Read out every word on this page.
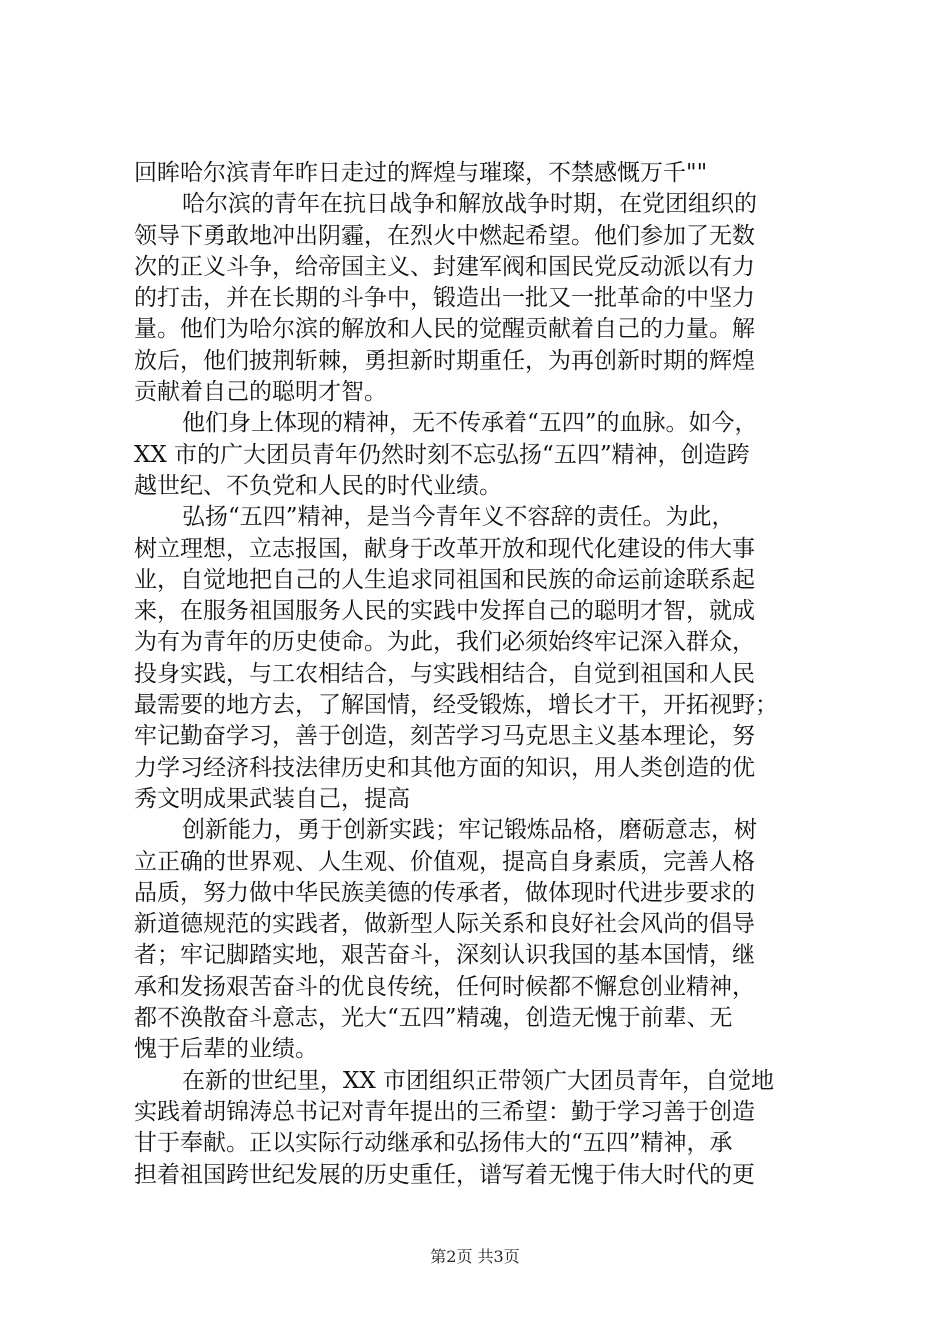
回眸哈尔滨青年昨日走过的辉煌与璀璨，不禁感慨万千""
哈尔滨的青年在抗日战争和解放战争时期，在党团组织的
领导下勇敢地冲出阴霾，在烈火中燃起希望。他们参加了无数
次的正义斗争，给帝国主义、封建军阀和国民党反动派以有力
的打击，并在长期的斗争中，锻造出一批又一批革命的中坚力
量。他们为哈尔滨的解放和人民的觉醒贡献着自己的力量。解
放后，他们披荆斩棘，勇担新时期重任，为再创新时期的辉煌
贡献着自己的聪明才智。
他们身上体现的精神，无不传承着“五四”的血脉。如今，
XX 市的广大团员青年仍然时刻不忘弘扬“五四”精神，创造跨
越世纪、不负党和人民的时代业绩。
弘扬“五四”精神，是当今青年义不容辞的责任。为此，
树立理想，立志报国，献身于改革开放和现代化建设的伟大事
业，自觉地把自己的人生追求同祖国和民族的命运前途联系起
来，在服务祖国服务人民的实践中发挥自己的聪明才智，就成
为有为青年的历史使命。为此，我们必须始终牢记深入群众，
投身实践，与工农相结合，与实践相结合，自觉到祖国和人民
最需要的地方去，了解国情，经受锻炼，增长才干，开拓视野；
牢记勤奋学习，善于创造，刻苦学习马克思主义基本理论，努
力学习经济科技法律历史和其他方面的知识，用人类创造的优
秀文明成果武装自己，提高
创新能力，勇于创新实践；牢记锻炼品格，磨砺意志，树
立正确的世界观、人生观、价值观，提高自身素质，完善人格
品质，努力做中华民族美德的传承者，做体现时代进步要求的
新道德规范的实践者，做新型人际关系和良好社会风尚的倡导
者；牢记脚踏实地，艰苦奋斗，深刻认识我国的基本国情，继
承和发扬艰苦奋斗的优良传统，任何时候都不懈怠创业精神，
都不涣散奋斗意志，光大“五四”精魂，创造无愧于前辈、无
愧于后辈的业绩。
在新的世纪里，XX 市团组织正带领广大团员青年，自觉地
实践着胡锦涛总书记对青年提出的三希望：勤于学习善于创造
甘于奉献。正以实际行动继承和弘扬伟大的“五四”精神，承
担着祖国跨世纪发展的历史重任，谱写着无愧于伟大时代的更
第2页 共3页
